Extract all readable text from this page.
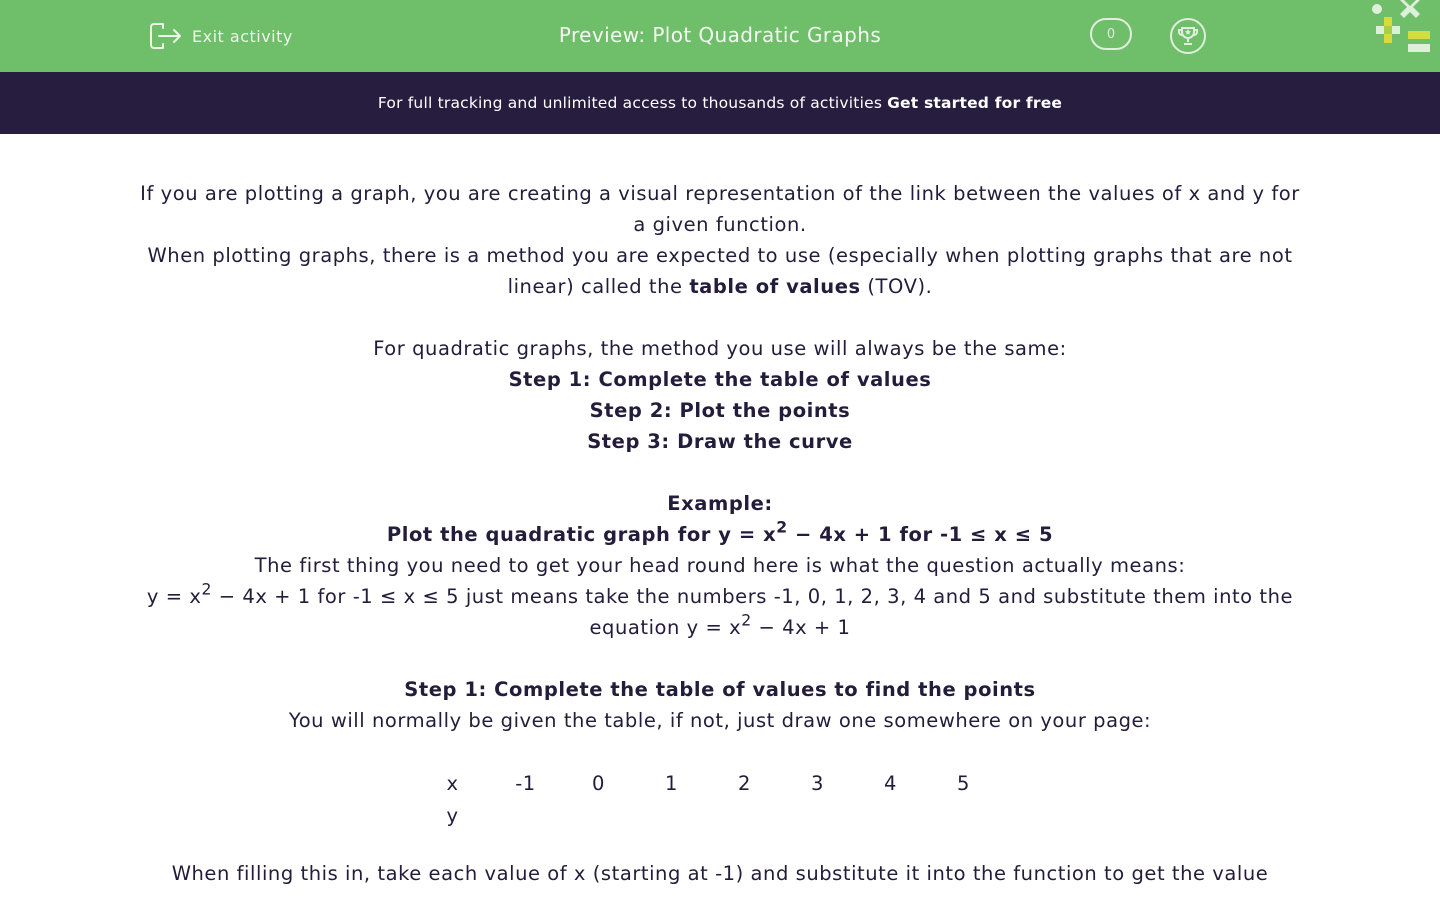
Exit activity	Preview: Plot Quadratic Graphs	0
For full tracking and unlimited access to thousands of activities Get started for free

If you are plotting a graph, you are creating a visual representation of the link between the values of x and y for a given function.

When plotting graphs, there is a method you are expected to use (especially when plotting graphs that are not linear) called the table of values (TOV).

For quadratic graphs, the method you use will always be the same:

Step 1: Complete the table of values

Step 2: Plot the points

Step 3: Draw the curve

Example:

Plot the quadratic graph for $y = x^2 - 4x + 1$ for -1 ≤ x ≤ 5

The first thing you need to get your head round here is what the question actually means:

$y = x^2 - 4x + 1$ for -1 ≤ x ≤ 5 just means take the numbers -1, 0, 1, 2, 3, 4 and 5 and substitute them into the equation $y = x^2 - 4x + 1$

Step 1: Complete the table of values to find the points

You will normally be given the table, if not, just draw one somewhere on your page:

x	-1	0	1	2	3	4	5
y							

When filling this in, take each value of x (starting at -1) and substitute it into the function to get the value
